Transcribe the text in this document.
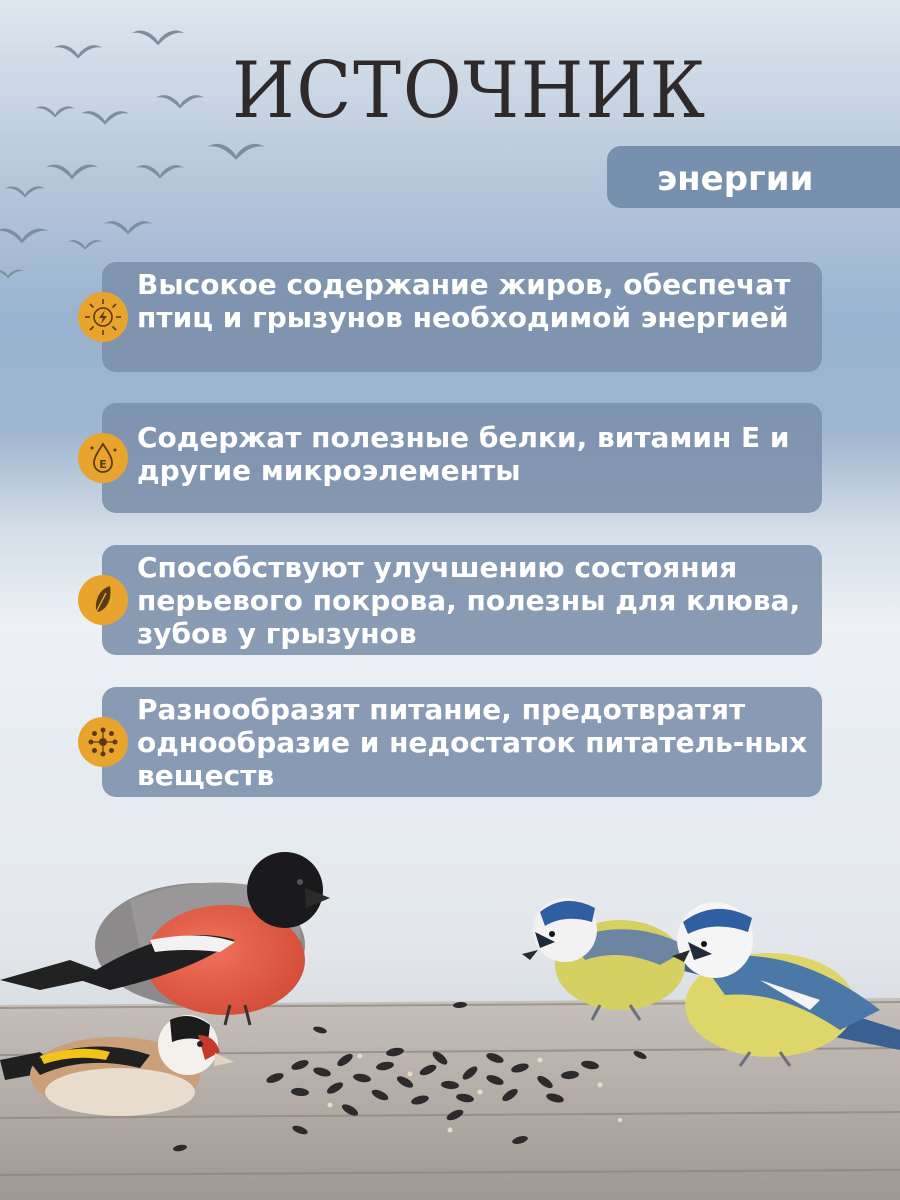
ИСТОЧНИК
энергии
Высокое содержание жиров, обеспечат птиц и грызунов необходимой энергией
Содержат полезные белки, витамин E и другие микроэлементы
E
Способствуют улучшению состояния перьевого покрова, полезны для клюва, зубов у грызунов
Разнообразят питание, предотвратят однообразие и недостаток питатель-ных веществ
